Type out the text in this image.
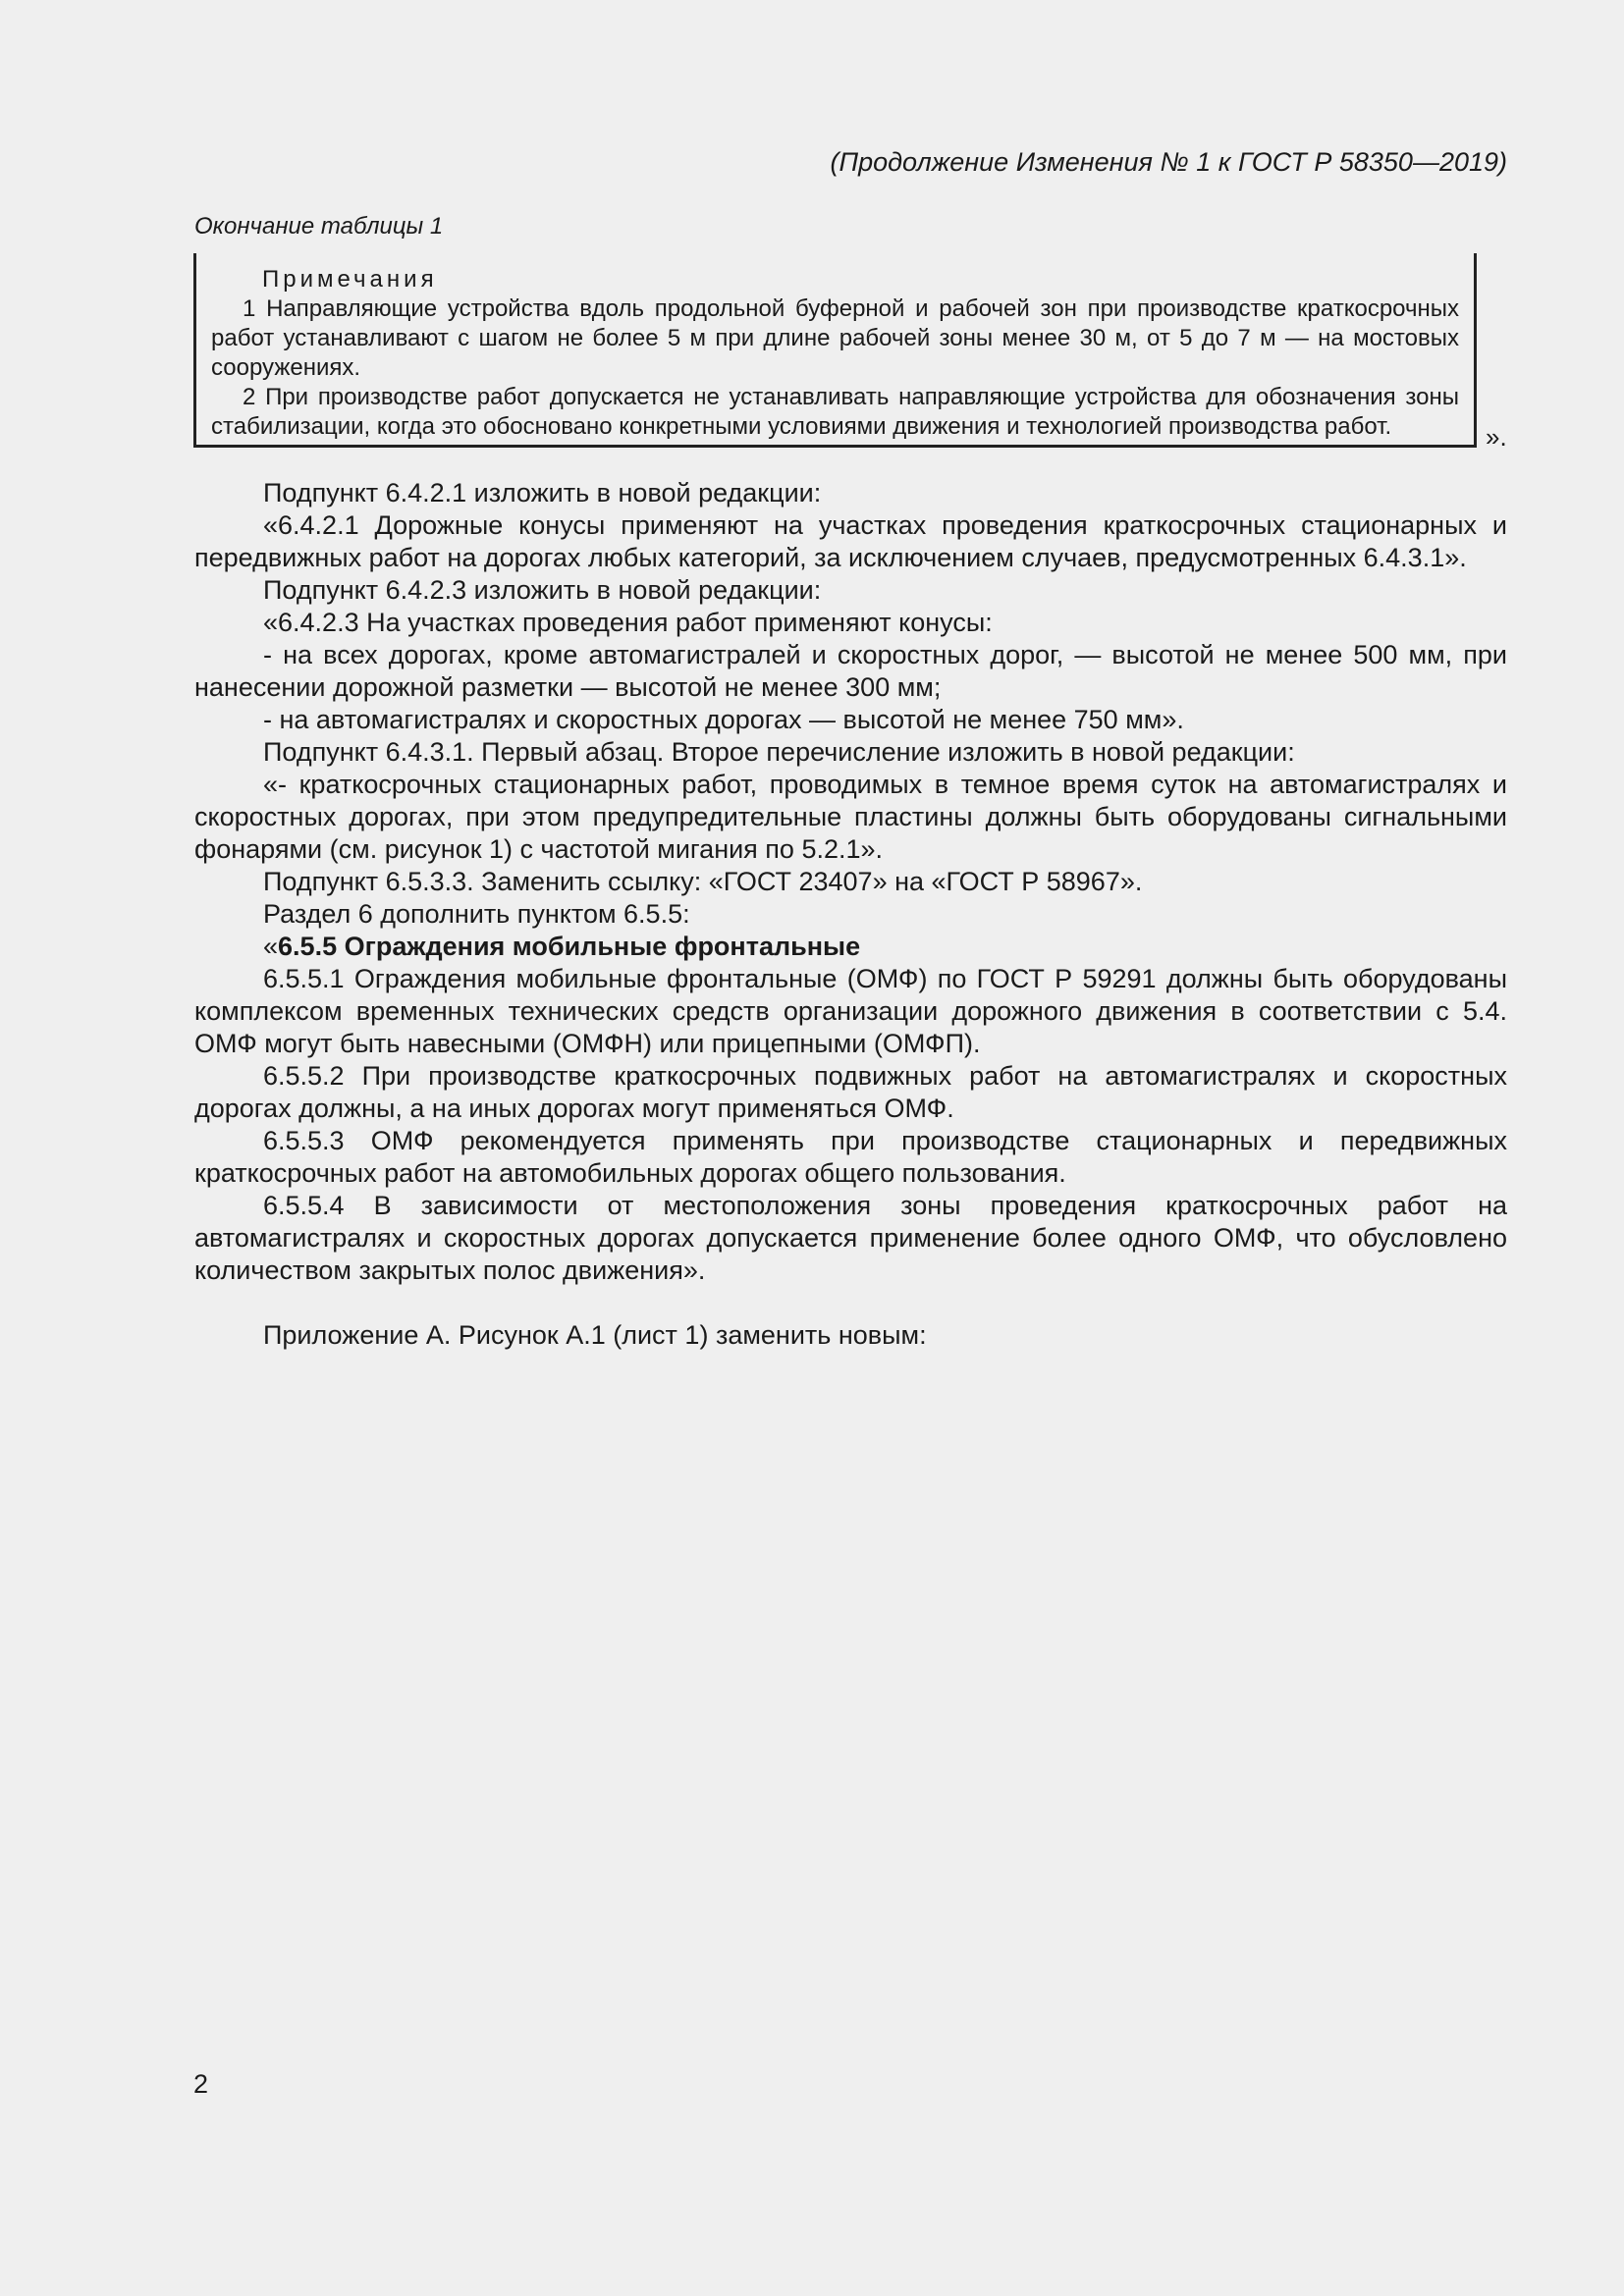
(Продолжение Изменения № 1 к ГОСТ Р 58350—2019)
Окончание таблицы 1
Примечания
1 Направляющие устройства вдоль продольной буферной и рабочей зон при производстве краткосрочных работ устанавливают с шагом не более 5 м при длине рабочей зоны менее 30 м, от 5 до 7 м — на мостовых сооружениях.
2 При производстве работ допускается не устанавливать направляющие устройства для обозначения зоны стабилизации, когда это обосновано конкретными условиями движения и технологией производства работ.	».

Подпункт 6.4.2.1 изложить в новой редакции:

«6.4.2.1 Дорожные конусы применяют на участках проведения краткосрочных стационарных и передвижных работ на дорогах любых категорий, за исключением случаев, предусмотренных 6.4.3.1».

Подпункт 6.4.2.3 изложить в новой редакции:

«6.4.2.3 На участках проведения работ применяют конусы:

- на всех дорогах, кроме автомагистралей и скоростных дорог, — высотой не менее 500 мм, при нанесении дорожной разметки — высотой не менее 300 мм;

- на автомагистралях и скоростных дорогах — высотой не менее 750 мм».

Подпункт 6.4.3.1. Первый абзац. Второе перечисление изложить в новой редакции:

«- краткосрочных стационарных работ, проводимых в темное время суток на автомагистралях и скоростных дорогах, при этом предупредительные пластины должны быть оборудованы сигнальными фонарями (см. рисунок 1) с частотой мигания по 5.2.1».

Подпункт 6.5.3.3. Заменить ссылку: «ГОСТ 23407» на «ГОСТ Р 58967».

Раздел 6 дополнить пунктом 6.5.5:

«6.5.5 Ограждения мобильные фронтальные

6.5.5.1 Ограждения мобильные фронтальные (ОМФ) по ГОСТ Р 59291 должны быть оборудованы комплексом временных технических средств организации дорожного движения в соответствии с 5.4. ОМФ могут быть навесными (ОМФН) или прицепными (ОМФП).

6.5.5.2 При производстве краткосрочных подвижных работ на автомагистралях и скоростных дорогах должны, а на иных дорогах могут применяться ОМФ.

6.5.5.3 ОМФ рекомендуется применять при производстве стационарных и передвижных краткосрочных работ на автомобильных дорогах общего пользования.

6.5.5.4 В зависимости от местоположения зоны проведения краткосрочных работ на автомагистралях и скоростных дорогах допускается применение более одного ОМФ, что обусловлено количеством закрытых полос движения».

Приложение А. Рисунок А.1 (лист 1) заменить новым:

2
